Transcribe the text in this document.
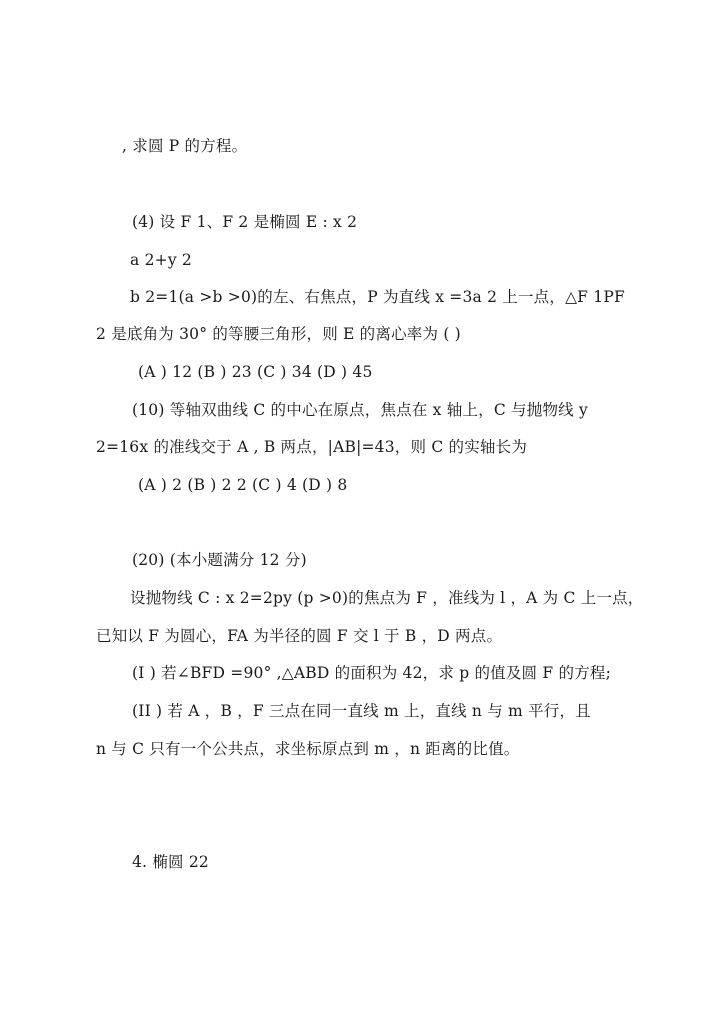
, 求圆 P 的方程。
(4) 设 F 1、F 2 是椭圆 E : x 2
a 2+y 2
b 2=1(a >b >0)的左、右焦点，P 为直线 x =3a 2 上一点，△F 1PF
2 是底角为 30° 的等腰三角形，则 E 的离心率为 ( )
(A ) 12 (B ) 23 (C ) 34 (D ) 45
(10) 等轴双曲线 C 的中心在原点，焦点在 x 轴上，C 与抛物线 y
2=16x 的准线交于 A , B 两点，|AB|=43，则 C 的实轴长为
(A ) 2 (B ) 2 2 (C ) 4 (D ) 8
(20) (本小题满分 12 分)
设抛物线 C : x 2=2py (p >0)的焦点为 F ，准线为 l ，A 为 C 上一点，
已知以 F 为圆心，FA 为半径的圆 F 交 l 于 B ，D 两点。
(I ) 若∠BFD =90° ,△ABD 的面积为 42，求 p 的值及圆 F 的方程;
(II ) 若 A ，B ，F 三点在同一直线 m 上，直线 n 与 m 平行，且
n 与 C 只有一个公共点，求坐标原点到 m ，n 距离的比值。
4. 椭圆 22
